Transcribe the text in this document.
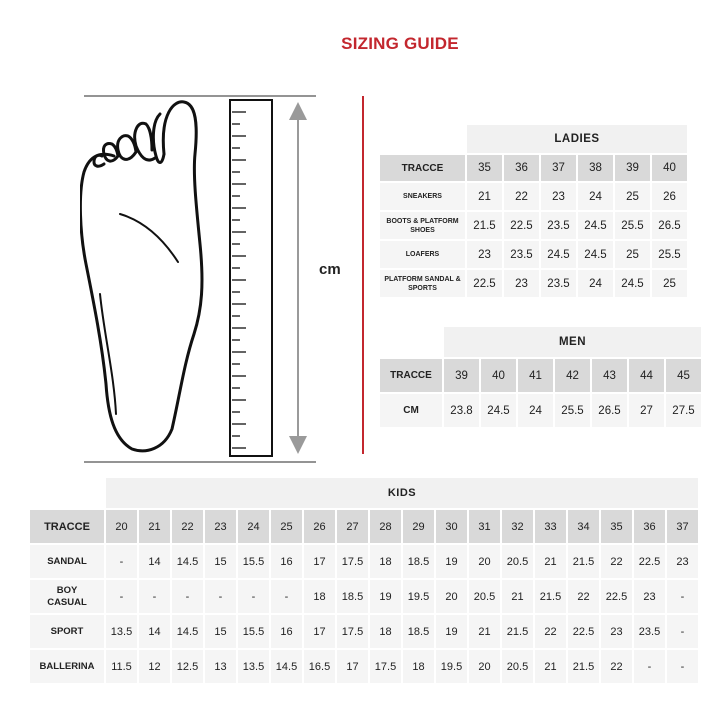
SIZING GUIDE
cm
	LADIES					
TRACCE	35	36	37	38	39	40
SNEAKERS	21	22	23	24	25	26
BOOTS & PLATFORM SHOES	21.5	22.5	23.5	24.5	25.5	26.5
LOAFERS	23	23.5	24.5	24.5	25	25.5
PLATFORM SANDAL & SPORTS	22.5	23	23.5	24	24.5	25
	MEN						
TRACCE	39	40	41	42	43	44	45
CM	23.8	24.5	24	25.5	26.5	27	27.5
	KIDS																	
TRACCE	20	21	22	23	24	25	26	27	28	29	30	31	32	33	34	35	36	37
SANDAL	-	14	14.5	15	15.5	16	17	17.5	18	18.5	19	20	20.5	21	21.5	22	22.5	23
BOY CASUAL	-	-	-	-	-	-	18	18.5	19	19.5	20	20.5	21	21.5	22	22.5	23	-
SPORT	13.5	14	14.5	15	15.5	16	17	17.5	18	18.5	19	21	21.5	22	22.5	23	23.5	-
BALLERINA	11.5	12	12.5	13	13.5	14.5	16.5	17	17.5	18	19.5	20	20.5	21	21.5	22	-	-
